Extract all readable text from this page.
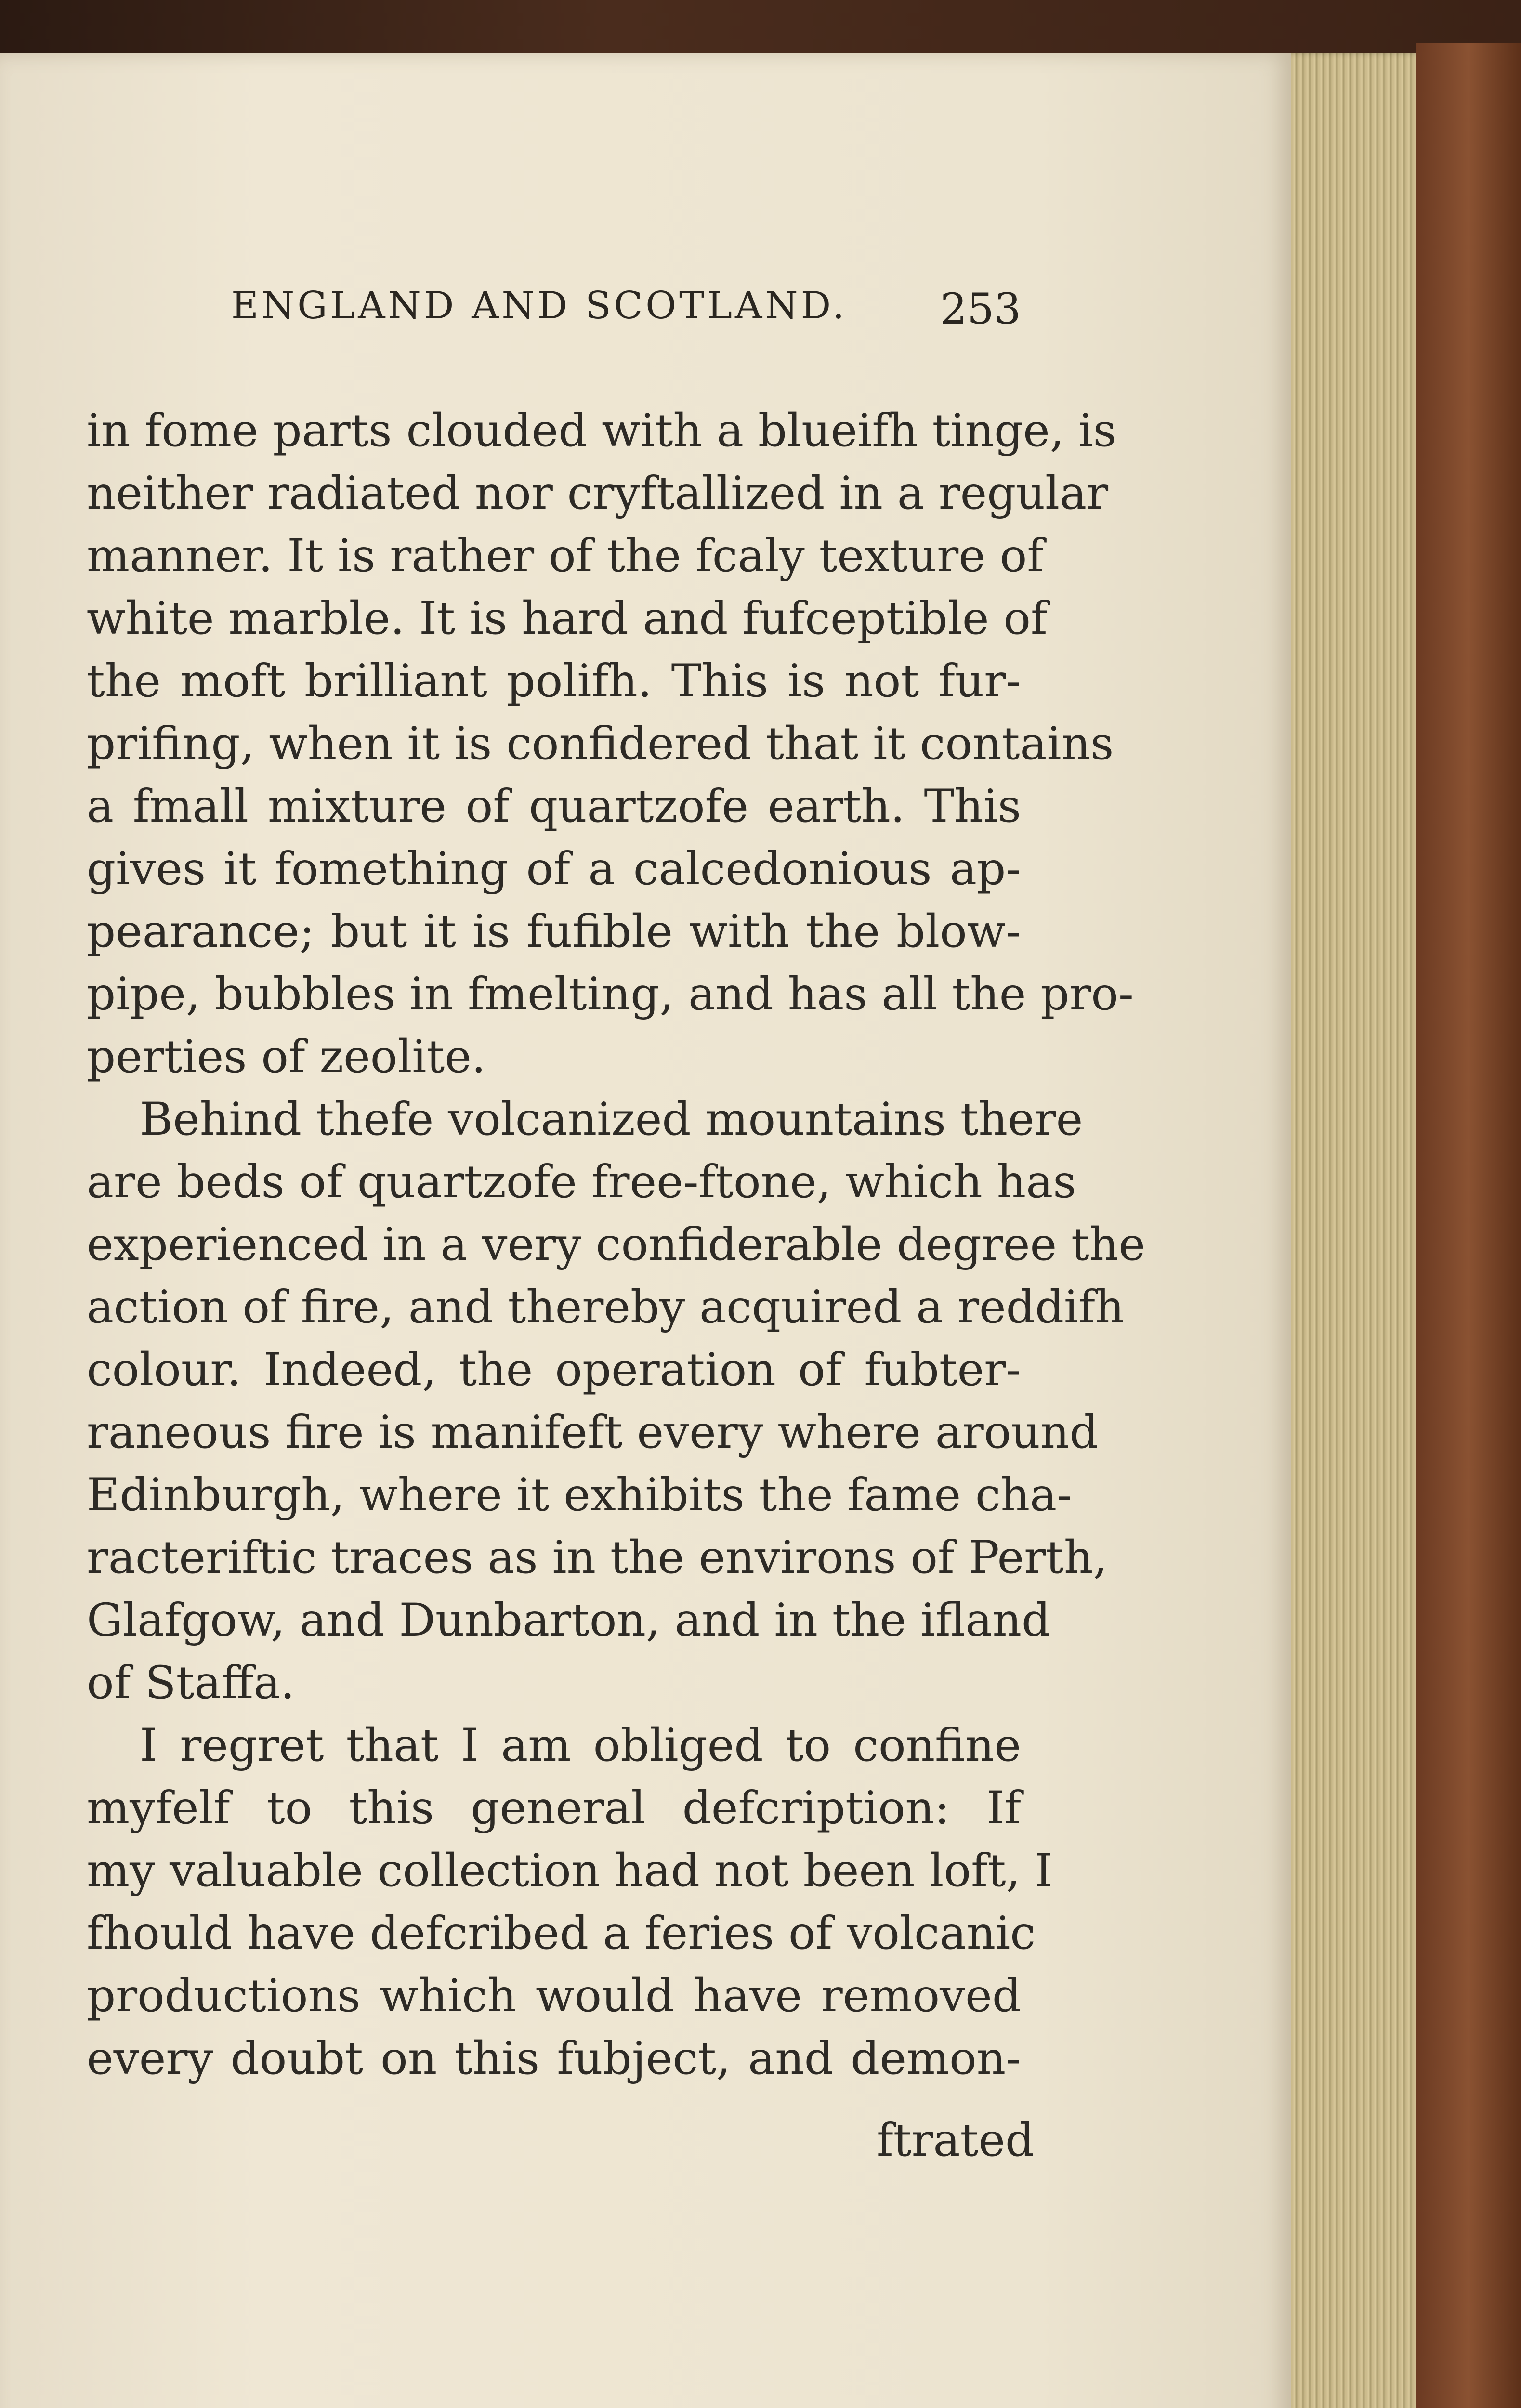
ENGLAND AND SCOTLAND. 253
in fome parts clouded with a blueifh tinge, is
neither radiated nor cryftallized in a regular
manner. It is rather of the fcaly texture of
white marble. It is hard and fufceptible of
the moft brilliant polifh. This is not fur-
prifing, when it is confidered that it contains
a fmall mixture of quartzofe earth. This
gives it fomething of a calcedonious ap-
pearance; but it is fufible with the blow-
pipe, bubbles in fmelting, and has all the pro-
perties of zeolite.
Behind thefe volcanized mountains there
are beds of quartzofe free-ftone, which has
experienced in a very confiderable degree the
action of fire, and thereby acquired a reddifh
colour. Indeed, the operation of fubter-
raneous fire is manifeft every where around
Edinburgh, where it exhibits the fame cha-
racteriftic traces as in the environs of Perth,
Glafgow, and Dunbarton, and in the ifland
of Staffa.
I regret that I am obliged to confine
myfelf to this general defcription: If
my valuable collection had not been loft, I
fhould have defcribed a feries of volcanic
productions which would have removed
every doubt on this fubject, and demon-
ftrated
